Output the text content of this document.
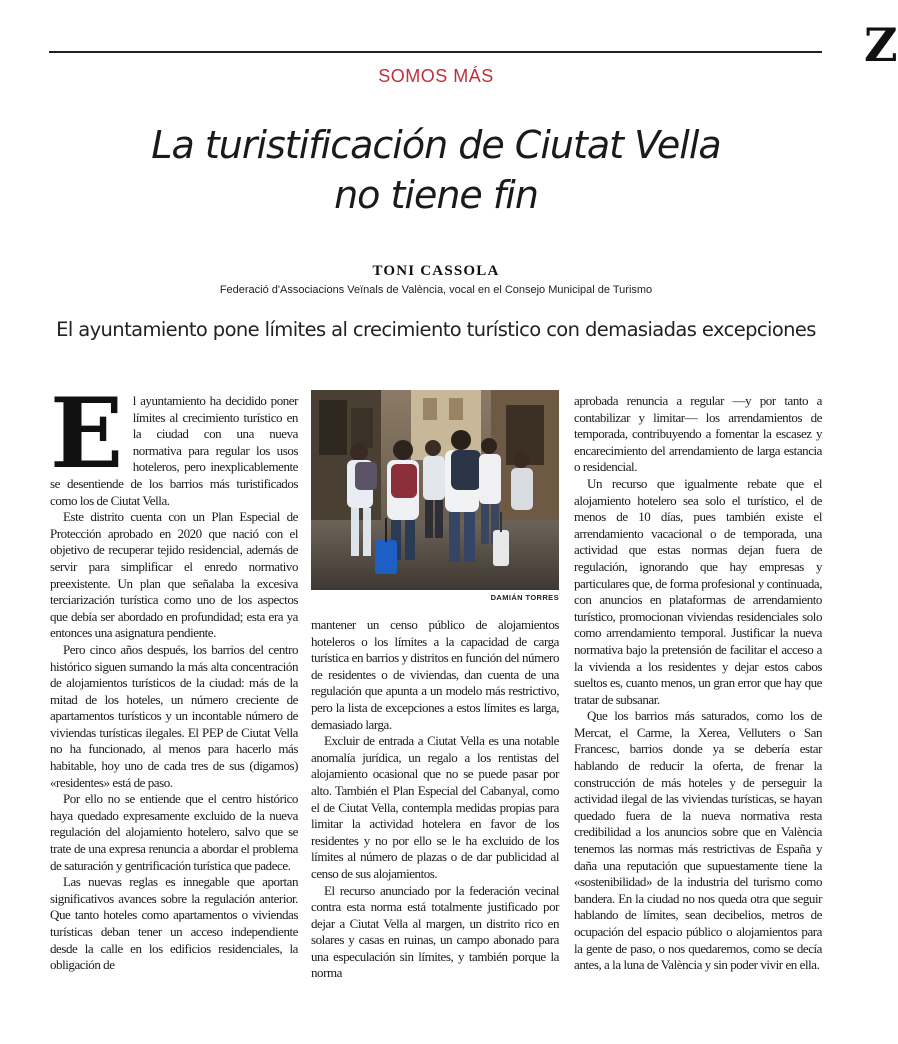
Z
SOMOS MÁS
La turistificación de Ciutat Vella
no tiene fin
TONI CASSOLA
Federació d'Associacions Veïnals de València, vocal en el Consejo Municipal de Turismo
El ayuntamiento pone límites al crecimiento turístico con demasiadas excepciones

El ayuntamiento ha decidido poner límites al crecimiento turístico en la ciudad con una nueva normativa para regular los usos hoteleros, pero inexplicablemente se desentiende de los barrios más turistificados como los de Ciutat Vella.

Este distrito cuenta con un Plan Especial de Protección aprobado en 2020 que nació con el objetivo de recuperar tejido residencial, además de servir para simplificar el enredo normativo preexistente. Un plan que señalaba la excesiva terciarización turística como uno de los aspectos que debía ser abordado en profundidad; esta era ya entonces una asignatura pendiente.

Pero cinco años después, los barrios del centro histórico siguen sumando la más alta concentración de alojamientos turísticos de la ciudad: más de la mitad de los hoteles, un número creciente de apartamentos turísticos y un incontable número de viviendas turísticas ilegales. El PEP de Ciutat Vella no ha funcionado, al menos para hacerlo más habitable, hoy uno de cada tres de sus (digamos) «residentes» está de paso.

Por ello no se entiende que el centro histórico haya quedado expresamente excluido de la nueva regulación del alojamiento hotelero, salvo que se trate de una expresa renuncia a abordar el problema de saturación y gentrificación turística que padece.

Las nuevas reglas es innegable que aportan significativos avances sobre la regulación anterior. Que tanto hoteles como apartamentos o viviendas turísticas deban tener un acceso independiente desde la calle en los edificios residenciales, la obligación de

DAMIÁN TORRES

mantener un censo público de alojamientos hoteleros o los límites a la capacidad de carga turística en barrios y distritos en función del número de residentes o de viviendas, dan cuenta de una regulación que apunta a un modelo más restrictivo, pero la lista de excepciones a estos límites es larga, demasiado larga.

Excluir de entrada a Ciutat Vella es una notable anomalía jurídica, un regalo a los rentistas del alojamiento ocasional que no se puede pasar por alto. También el Plan Especial del Cabanyal, como el de Ciutat Vella, contempla medidas propias para limitar la actividad hotelera en favor de los residentes y no por ello se le ha excluido de los límites al número de plazas o de dar publicidad al censo de sus alojamientos.

El recurso anunciado por la federación vecinal contra esta norma está totalmente justificado por dejar a Ciutat Vella al margen, un distrito rico en solares y casas en ruinas, un campo abonado para una especulación sin límites, y también porque la norma

aprobada renuncia a regular —y por tanto a contabilizar y limitar— los arrendamientos de temporada, contribuyendo a fomentar la escasez y encarecimiento del arrendamiento de larga estancia o residencial.

Un recurso que igualmente rebate que el alojamiento hotelero sea solo el turístico, el de menos de 10 días, pues también existe el arrendamiento vacacional o de temporada, una actividad que estas normas dejan fuera de regulación, ignorando que hay empresas y particulares que, de forma profesional y continuada, con anuncios en plataformas de arrendamiento turístico, promocionan viviendas residenciales solo como arrendamiento temporal. Justificar la nueva normativa bajo la pretensión de facilitar el acceso a la vivienda a los residentes y dejar estos cabos sueltos es, cuanto menos, un gran error que hay que tratar de subsanar.

Que los barrios más saturados, como los de Mercat, el Carme, la Xerea, Velluters o San Francesc, barrios donde ya se debería estar hablando de reducir la oferta, de frenar la construcción de más hoteles y de perseguir la actividad ilegal de las viviendas turísticas, se hayan quedado fuera de la nueva normativa resta credibilidad a los anuncios sobre que en València tenemos las normas más restrictivas de España y daña una reputación que supuestamente tiene la «sostenibilidad» de la industria del turismo como bandera. En la ciudad no nos queda otra que seguir hablando de límites, sean decibelios, metros de ocupación del espacio público o alojamientos para la gente de paso, o nos quedaremos, como se decía antes, a la luna de València y sin poder vivir en ella.
